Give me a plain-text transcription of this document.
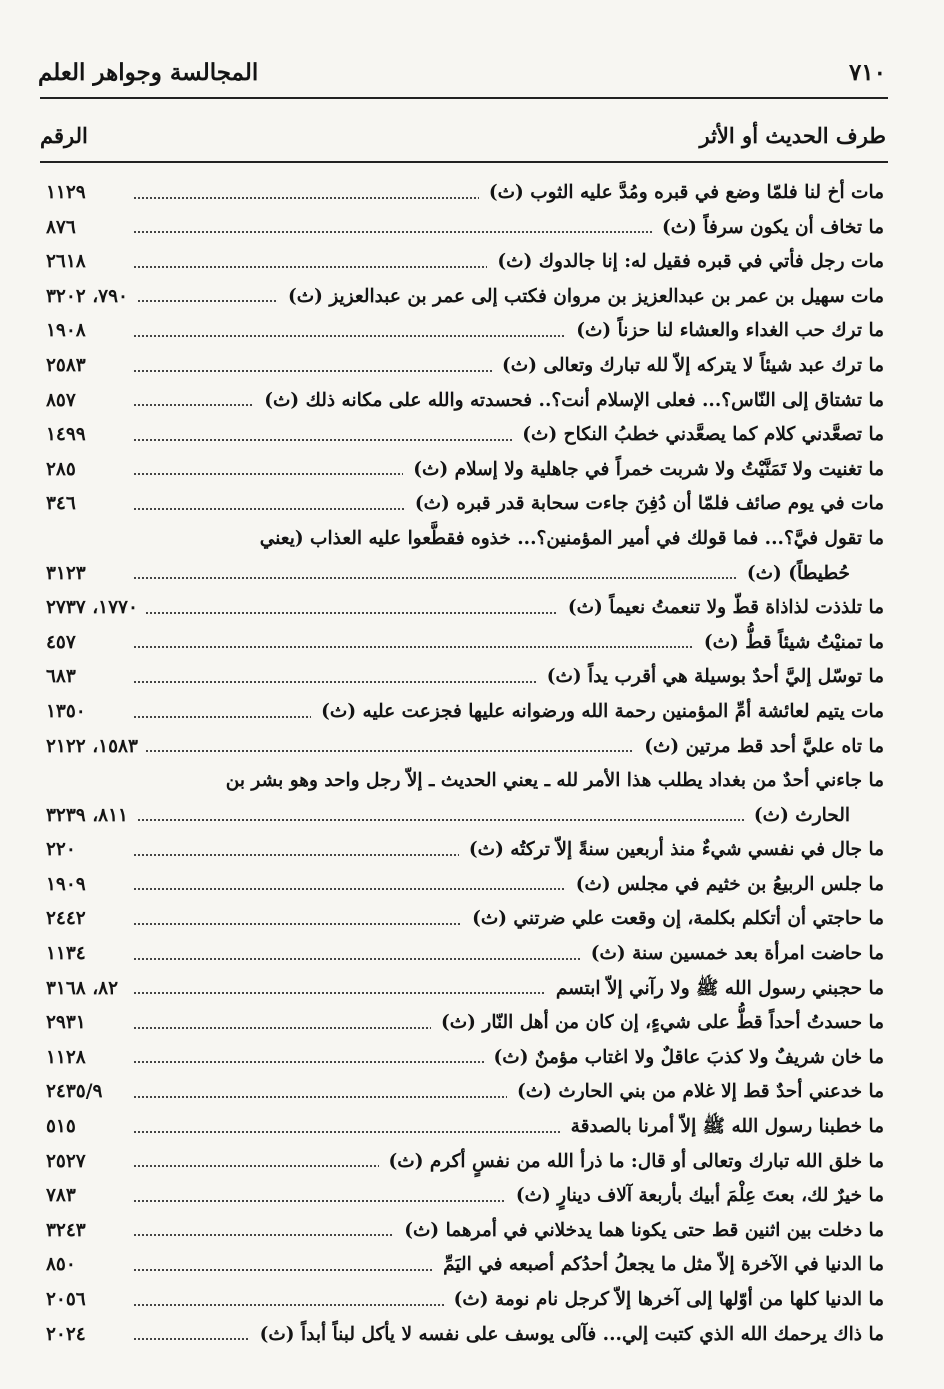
المجالسة وجواهر العلم	٧١٠
الرقم	طرف الحديث أو الأثر
مات أخ لنا فلمّا وضع في قبره ومُدَّ عليه الثوب (ث)
١١٢٩
ما تخاف أن يكون سرفاً (ث)
٨٧٦
مات رجل فأتي في قبره فقيل له: إنا جالدوك (ث)
٢٦١٨
مات سهيل بن عمر بن عبدالعزيز بن مروان فكتب إلى عمر بن عبدالعزيز (ث)
٧٩٠، ٣٢٠٢
ما ترك حب الغداء والعشاء لنا حزناً (ث)
١٩٠٨
ما ترك عبد شيئاً لا يتركه إلاّ لله تبارك وتعالى (ث)
٢٥٨٣
ما تشتاق إلى النّاس؟... فعلى الإسلام أنت؟.. فحسدته والله على مكانه ذلك (ث)
٨٥٧
ما تصعَّدني كلام كما يصعَّدني خطبُ النكاح (ث)
١٤٩٩
ما تغنيت ولا تَمَنَّيْتُ ولا شربت خمراً في جاهلية ولا إسلام (ث)
٢٨٥
مات في يوم صائف فلمّا أن دُفِنَ جاءت سحابة قدر قبره (ث)
٣٤٦
ما تقول فيَّ؟... فما قولك في أمير المؤمنين؟... خذوه فقطَّعوا عليه العذاب (يعني
حُطيطاً) (ث)
٣١٢٣
ما تلذذت لذاذاة قطّ ولا تنعمتُ نعيماً (ث)
١٧٧٠، ٢٧٣٧
ما تمنيْتُ شيئاً قطُّ (ث)
٤٥٧
ما توسّل إليَّ أحدٌ بوسيلة هي أقرب يداً (ث)
٦٨٣
مات يتيم لعائشة أمِّ المؤمنين رحمة الله ورضوانه عليها فجزعت عليه (ث)
١٣٥٠
ما تاه عليَّ أحد قط مرتين (ث)
١٥٨٣، ٢١٢٢
ما جاءني أحدٌ من بغداد يطلب هذا الأمر لله ـ يعني الحديث ـ إلاّ رجل واحد وهو بشر بن
الحارث (ث)
٨١١، ٣٢٣٩
ما جال في نفسي شيءٌ منذ أربعين سنةً إلاّ تركتُه (ث)
٢٢٠
ما جلس الربيعُ بن خثيم في مجلس (ث)
١٩٠٩
ما حاجتي أن أتكلم بكلمة، إن وقعت علي ضرتني (ث)
٢٤٤٢
ما حاضت امرأة بعد خمسين سنة (ث)
١١٣٤
ما حجبني رسول الله ﷺ ولا رآني إلاّ ابتسم
٨٢، ٣١٦٨
ما حسدتُ أحداً قطُّ على شيءٍ، إن كان من أهل النّار (ث)
٢٩٣١
ما خان شريفٌ ولا كذبَ عاقلٌ ولا اغتاب مؤمنٌ (ث)
١١٢٨
ما خدعني أحدٌ قط إلا غلام من بني الحارث (ث)
٢٤٣٥/٩
ما خطبنا رسول الله ﷺ إلاّ أمرنا بالصدقة
٥١٥
ما خلق الله تبارك وتعالى أو قال: ما ذرأ الله من نفسٍ أكرم (ث)
٢٥٢٧
ما خيرٌ لك، بعتَ عِلْمَ أبيك بأربعة آلاف دينارٍ (ث)
٧٨٣
ما دخلت بين اثنين قط حتى يكونا هما يدخلاني في أمرهما (ث)
٣٢٤٣
ما الدنيا في الآخرة إلاّ مثل ما يجعلُ أحدُكم أصبعه في اليَمِّ
٨٥٠
ما الدنيا كلها من أوّلها إلى آخرها إلاّ كرجل نام نومة (ث)
٢٠٥٦
ما ذاك يرحمك الله الذي كتبت إلي... فآلى يوسف على نفسه لا يأكل لبناً أبداً (ث)
٢٠٢٤
